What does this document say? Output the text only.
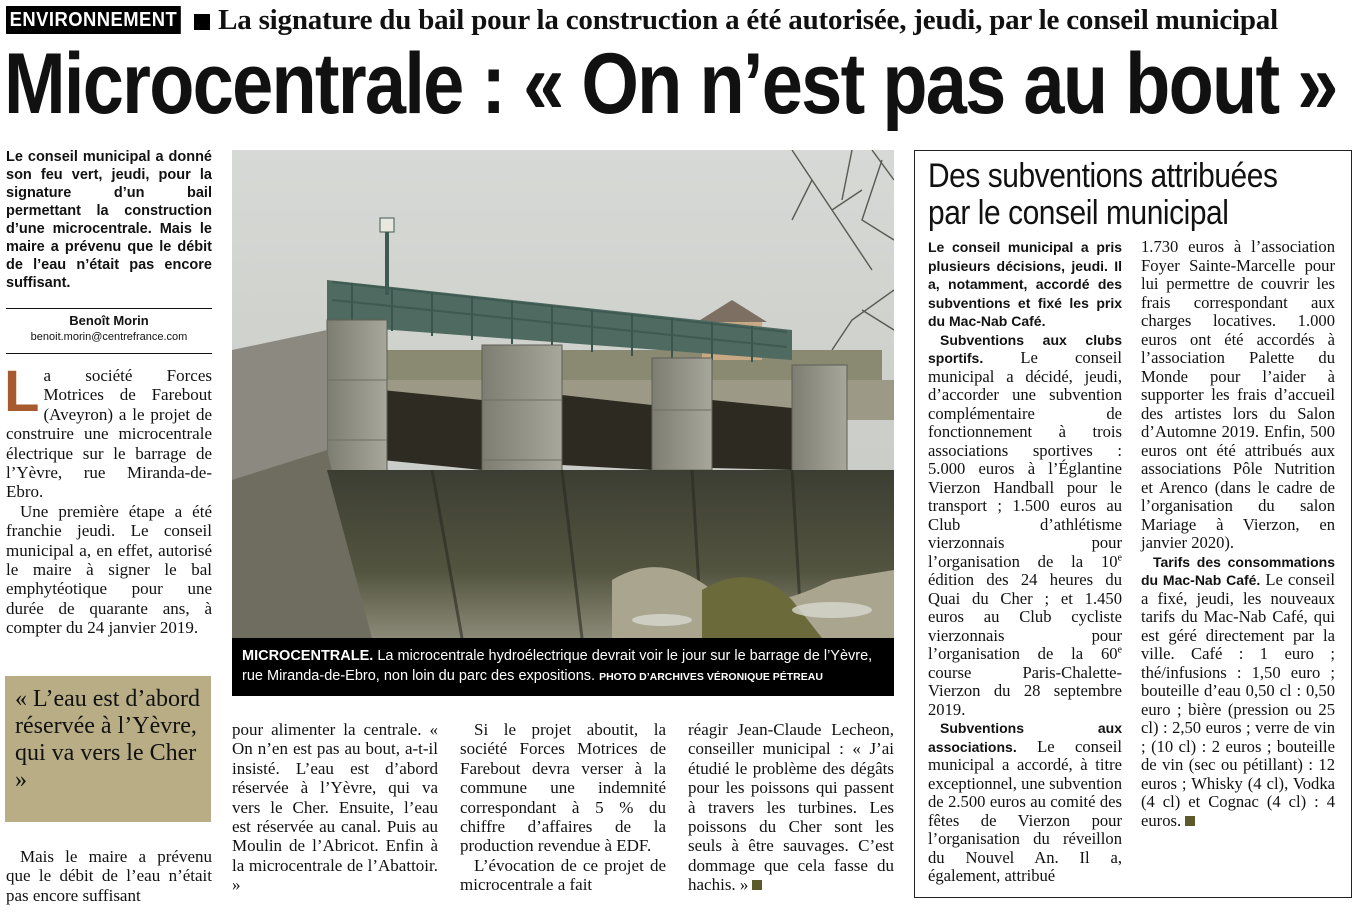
ENVIRONNEMENT La signature du bail pour la construction a été autorisée, jeudi, par le conseil municipal
Microcentrale : « On n’est pas au bout »
Le conseil municipal a donné son feu vert, jeudi, pour la signature d’un bail permettant la construction d’une microcentrale. Mais le maire a prévenu que le débit de l’eau n’était pas encore suffisant.
Benoît Morin
benoit.morin@centrefrance.com

La société Forces Motrices de Farebout (Aveyron) a le projet de construire une microcentrale électrique sur le barrage de l’Yèvre, rue Miranda-de-Ebro.

Une première étape a été franchie jeudi. Le conseil municipal a, en effet, autorisé le maire à signer le bal emphytéotique pour une durée de quarante ans, à compter du 24 janvier 2019.

« L’eau est d’abord réservée à l’Yèvre, qui va vers le Cher »

Mais le maire a prévenu que le débit de l’eau n’était pas encore suffisant

MICROCENTRALE. La microcentrale hydroélectrique devrait voir le jour sur le barrage de l’Yèvre, rue Miranda-de-Ebro, non loin du parc des expositions. PHOTO D’ARCHIVES VÉRONIQUE PÉTREAU

pour alimenter la centrale. « On n’en est pas au bout, a-t-il insisté. L’eau est d’abord réservée à l’Yèvre, qui va vers le Cher. Ensuite, l’eau est réservée au canal. Puis au Moulin de l’Abricot. Enfin à la microcentrale de l’Abattoir. »

Si le projet aboutit, la société Forces Motrices de Farebout devra verser à la commune une indemnité correspondant à 5 % du chiffre d’affaires de la production revendue à EDF.

L’évocation de ce projet de microcentrale a fait

réagir Jean-Claude Lecheon, conseiller municipal : « J’ai étudié le problème des dégâts pour les poissons qui passent à travers les turbines. Les poissons du Cher sont les seuls à être sauvages. C’est dommage que cela fasse du hachis. »

Des subventions attribuées
par le conseil municipal

Le conseil municipal a pris plusieurs décisions, jeudi. Il a, notamment, accordé des subventions et fixé les prix du Mac-Nab Café.

Subventions aux clubs sportifs. Le conseil municipal a décidé, jeudi, d’accorder une subvention complémentaire de fonctionnement à trois associations sportives : 5.000 euros à l’Églantine Vierzon Handball pour le transport ; 1.500 euros au Club d’athlétisme vierzonnais pour l’organisation de la 10e édition des 24 heures du Quai du Cher ; et 1.450 euros au Club cycliste vierzonnais pour l’organisation de la 60e course Paris-Chalette-Vierzon du 28 septembre 2019.

Subventions aux associations. Le conseil municipal a accordé, à titre exceptionnel, une subvention de 2.500 euros au comité des fêtes de Vierzon pour l’organisation du réveillon du Nouvel An. Il a, également, attribué

1.730 euros à l’association Foyer Sainte-Marcelle pour lui permettre de couvrir les frais correspondant aux charges locatives. 1.000 euros ont été accordés à l’association Palette du Monde pour l’aider à supporter les frais d’accueil des artistes lors du Salon d’Automne 2019. Enfin, 500 euros ont été attribués aux associations Pôle Nutrition et Arenco (dans le cadre de l’organisation du salon Mariage à Vierzon, en janvier 2020).

Tarifs des consommations du Mac-Nab Café. Le conseil a fixé, jeudi, les nouveaux tarifs du Mac-Nab Café, qui est géré directement par la ville. Café : 1 euro ; thé/infusions : 1,50 euro ; bouteille d’eau 0,50 cl : 0,50 euro ; bière (pression ou 25 cl) : 2,50 euros ; verre de vin ; (10 cl) : 2 euros ; bouteille de vin (sec ou pétillant) : 12 euros ; Whisky (4 cl), Vodka (4 cl) et Cognac (4 cl) : 4 euros.
